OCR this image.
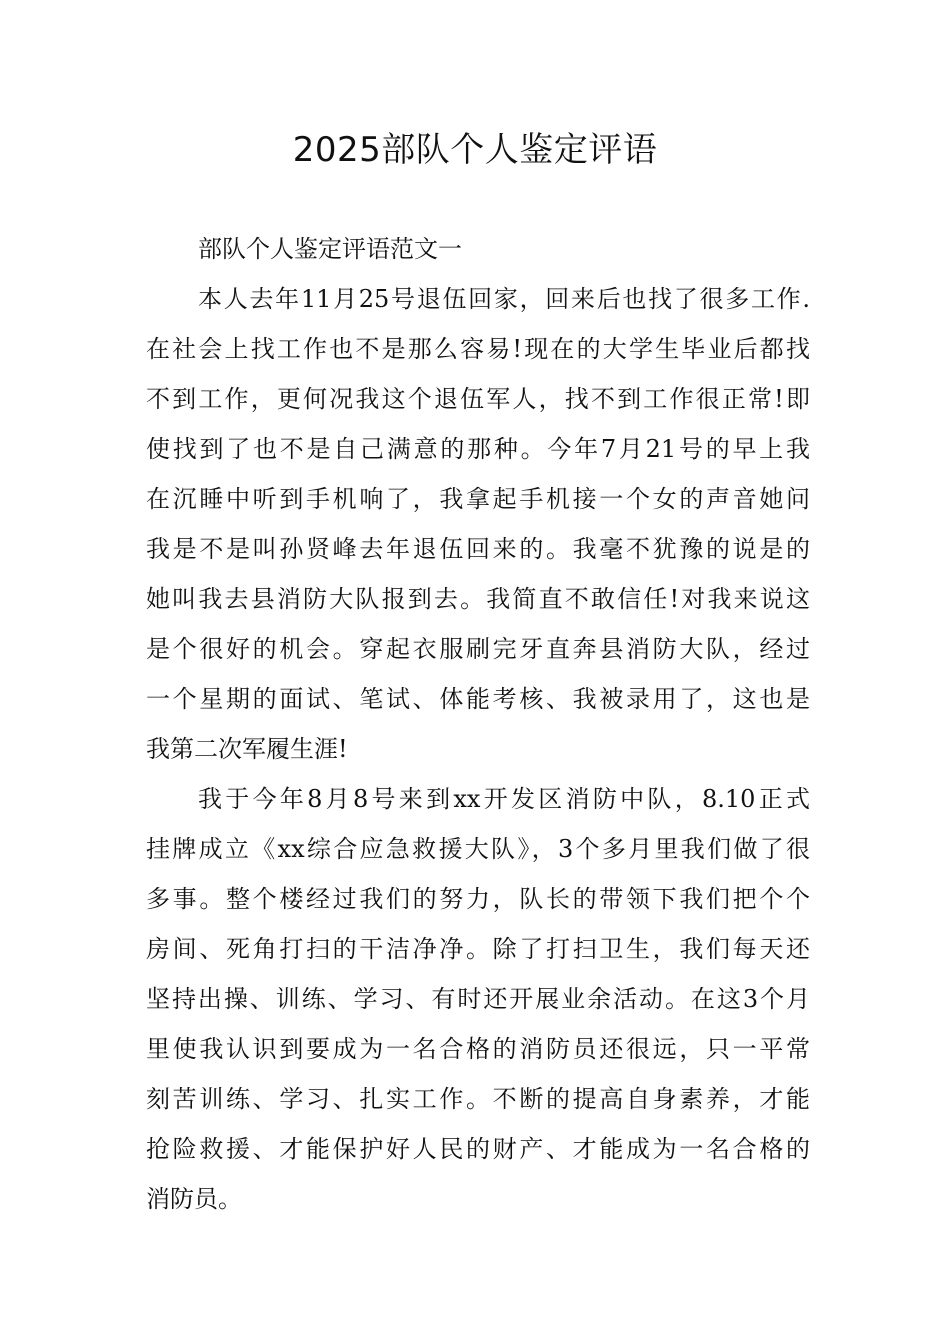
2025部队个人鉴定评语

部队个人鉴定评语范文一

本人去年11月25号退伍回家，回来后也找了很多工作.

在社会上找工作也不是那么容易!现在的大学生毕业后都找

不到工作，更何况我这个退伍军人，找不到工作很正常!即

使找到了也不是自己满意的那种。今年7月21号的早上我

在沉睡中听到手机响了，我拿起手机接一个女的声音她问

我是不是叫孙贤峰去年退伍回来的。我毫不犹豫的说是的

她叫我去县消防大队报到去。我简直不敢信任!对我来说这

是个很好的机会。穿起衣服刷完牙直奔县消防大队，经过

一个星期的面试、笔试、体能考核、我被录用了，这也是

我第二次军履生涯!

我于今年8月8号来到xx开发区消防中队，8.10正式

挂牌成立《xx综合应急救援大队》，3个多月里我们做了很

多事。整个楼经过我们的努力，队长的带领下我们把个个

房间、死角打扫的干洁净净。除了打扫卫生，我们每天还

坚持出操、训练、学习、有时还开展业余活动。在这3个月

里使我认识到要成为一名合格的消防员还很远，只一平常

刻苦训练、学习、扎实工作。不断的提高自身素养，才能

抢险救援、才能保护好人民的财产、才能成为一名合格的

消防员。
